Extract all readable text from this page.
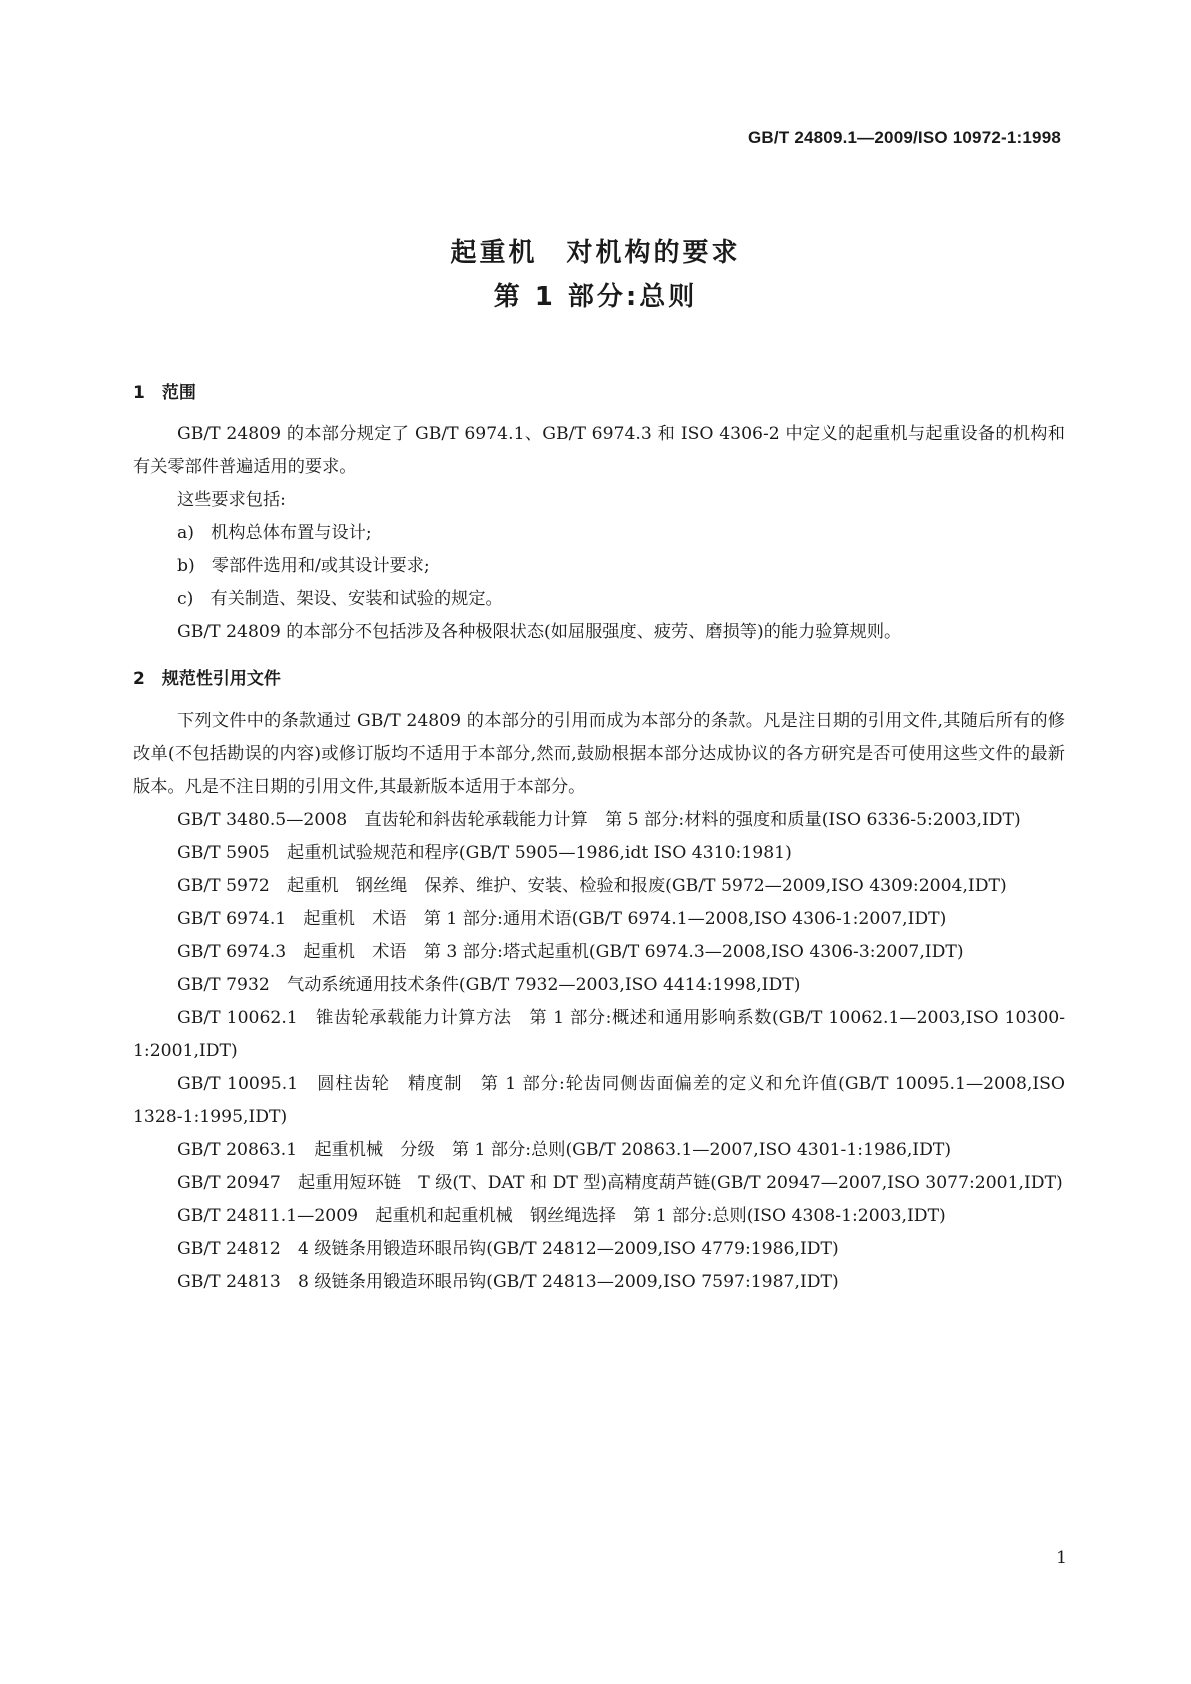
GB/T 24809.1—2009/ISO 10972-1:1998
起重机　对机构的要求
第 1 部分:总则
1　范围

GB/T 24809 的本部分规定了 GB/T 6974.1、GB/T 6974.3 和 ISO 4306-2 中定义的起重机与起重设备的机构和有关零部件普遍适用的要求。

这些要求包括:

a)　机构总体布置与设计;

b)　零部件选用和/或其设计要求;

c)　有关制造、架设、安装和试验的规定。

GB/T 24809 的本部分不包括涉及各种极限状态(如屈服强度、疲劳、磨损等)的能力验算规则。

2　规范性引用文件

下列文件中的条款通过 GB/T 24809 的本部分的引用而成为本部分的条款。凡是注日期的引用文件,其随后所有的修改单(不包括勘误的内容)或修订版均不适用于本部分,然而,鼓励根据本部分达成协议的各方研究是否可使用这些文件的最新版本。凡是不注日期的引用文件,其最新版本适用于本部分。

GB/T 3480.5—2008　 直齿轮和斜齿轮承载能力计算　第 5 部分:材料的强度和质量(ISO 6336-5:2003,IDT)

GB/T 5905　 起重机试验规范和程序(GB/T 5905—1986,idt ISO 4310:1981)

GB/T 5972　 起重机　钢丝绳　保养、维护、安装、检验和报废(GB/T 5972—2009,ISO 4309:2004,IDT)

GB/T 6974.1　 起重机　术语　第 1 部分:通用术语(GB/T 6974.1—2008,ISO 4306-1:2007,IDT)

GB/T 6974.3　 起重机　术语　第 3 部分:塔式起重机(GB/T 6974.3—2008,ISO 4306-3:2007,IDT)

GB/T 7932　 气动系统通用技术条件(GB/T 7932—2003,ISO 4414:1998,IDT)

GB/T 10062.1　 锥齿轮承载能力计算方法　第 1 部分:概述和通用影响系数(GB/T 10062.1—2003,ISO 10300-1:2001,IDT)

GB/T 10095.1　 圆柱齿轮　精度制　第 1 部分:轮齿同侧齿面偏差的定义和允许值(GB/T 10095.1—2008,ISO 1328-1:1995,IDT)

GB/T 20863.1　 起重机械　分级　第 1 部分:总则(GB/T 20863.1—2007,ISO 4301-1:1986,IDT)

GB/T 20947　 起重用短环链　T 级(T、DAT 和 DT 型)高精度葫芦链(GB/T 20947—2007,ISO 3077:2001,IDT)

GB/T 24811.1—2009　 起重机和起重机械　钢丝绳选择　第 1 部分:总则(ISO 4308-1:2003,IDT)

GB/T 24812　 4 级链条用锻造环眼吊钩(GB/T 24812—2009,ISO 4779:1986,IDT)

GB/T 24813　 8 级链条用锻造环眼吊钩(GB/T 24813—2009,ISO 7597:1987,IDT)

1
